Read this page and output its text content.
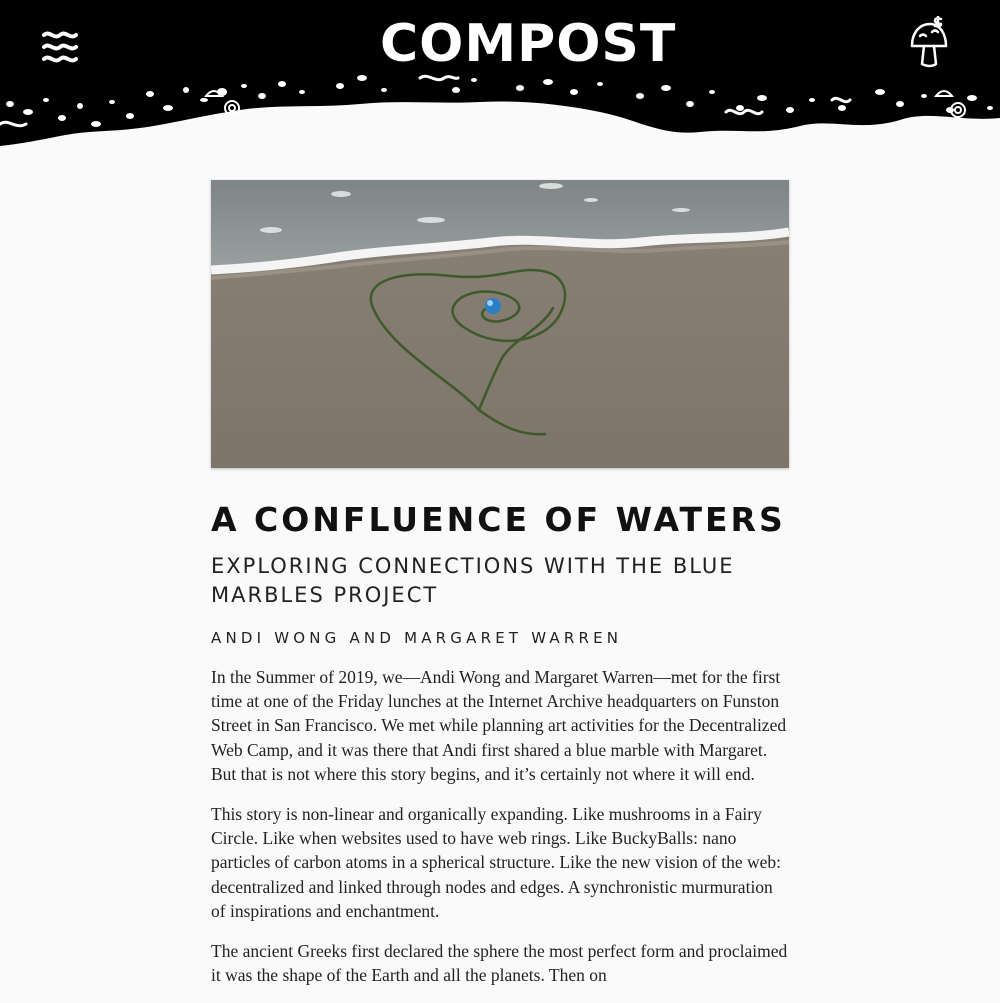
COMPOST
A CONFLUENCE OF WATERS
EXPLORING CONNECTIONS WITH THE BLUE MARBLES PROJECT
ANDI WONG AND MARGARET WARREN

In the Summer of 2019, we—Andi Wong and Margaret Warren—met for the first time at one of the Friday lunches at the Internet Archive headquarters on Funston Street in San Francisco. We met while planning art activities for the Decentralized Web Camp, and it was there that Andi first shared a blue marble with Margaret. But that is not where this story begins, and it’s certainly not where it will end.

This story is non-linear and organically expanding. Like mushrooms in a Fairy Circle. Like when websites used to have web rings. Like BuckyBalls: nano particles of carbon atoms in a spherical structure. Like the new vision of the web: decentralized and linked through nodes and edges. A synchronistic murmuration of inspirations and enchantment.

The ancient Greeks first declared the sphere the most perfect form and proclaimed it was the shape of the Earth and all the planets. Then on
